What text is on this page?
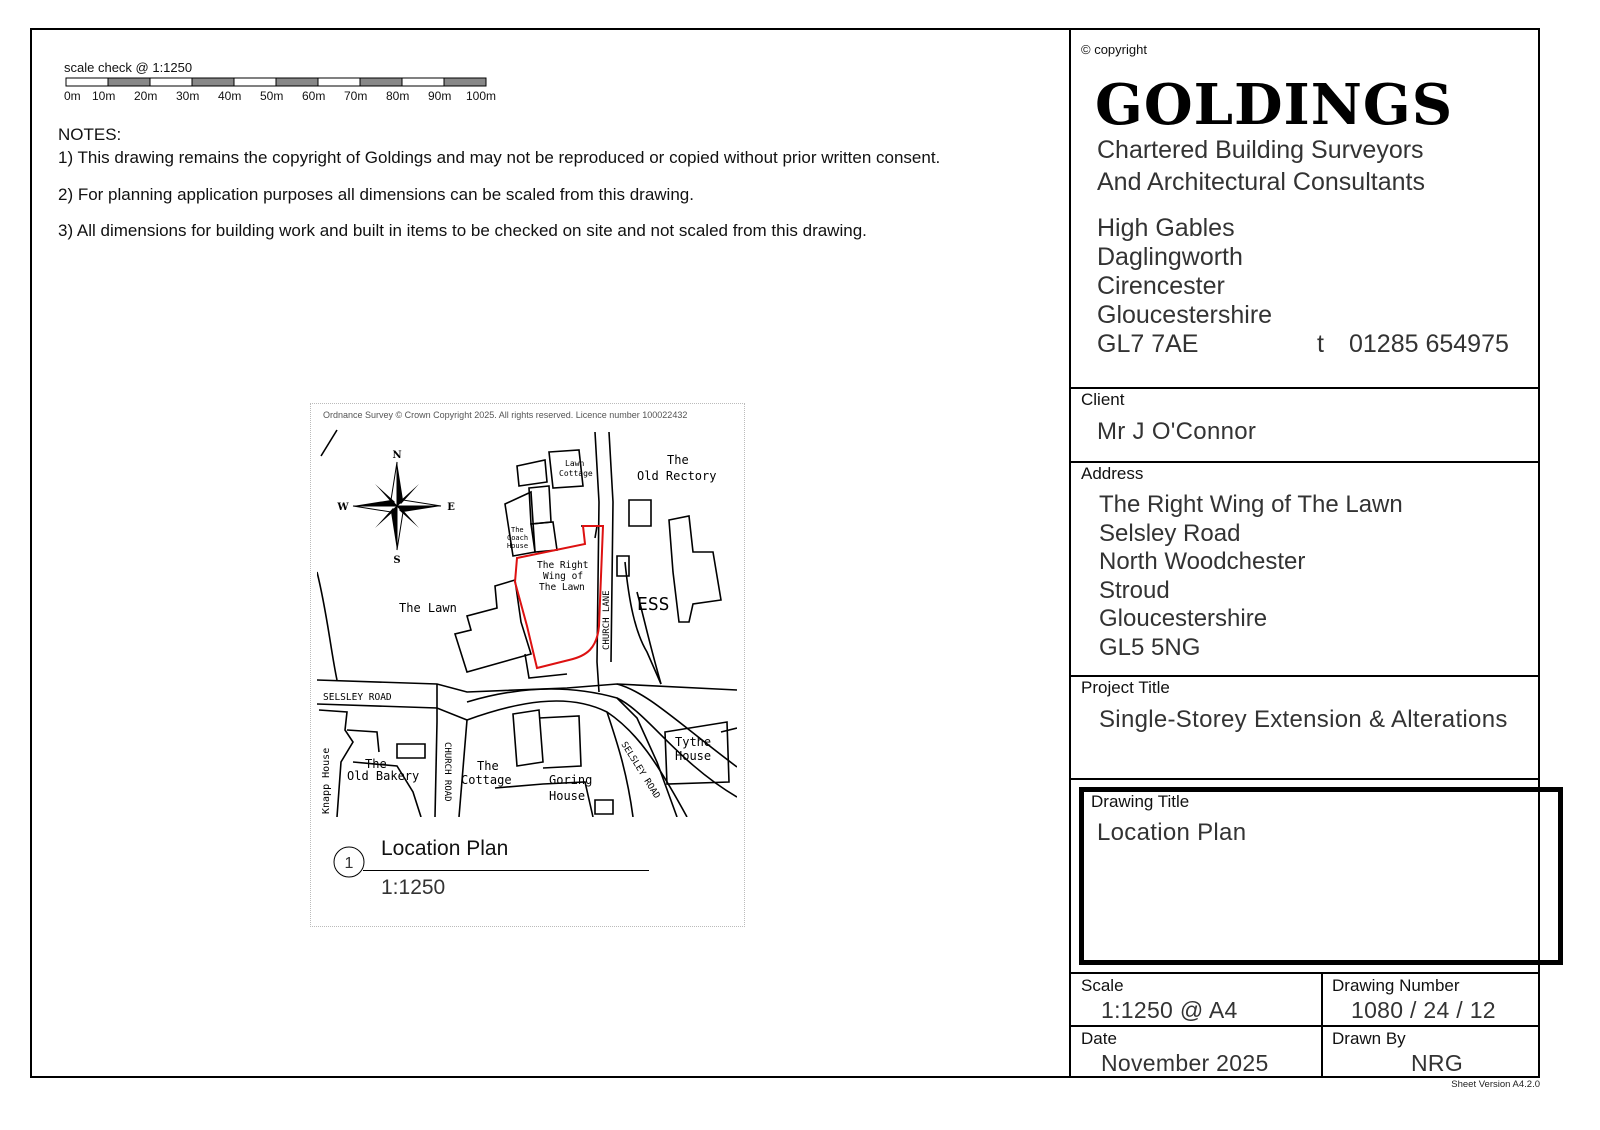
scale check @ 1:1250
0m 10m 20m 30m 40m 50m 60m 70m 80m 90m 100m
NOTES:

1) This drawing remains the copyright of Goldings and may not be reproduced or copied without prior written consent.

2) For planning application purposes all dimensions can be scaled from this drawing.

3) All dimensions for building work and built in items to be checked on site and not scaled from this drawing.

Ordnance Survey © Crown Copyright 2025. All rights reserved. Licence number 100022432
N
S
E
W
Lawn
Cottage
The
Old Rectory
The
Coach
House
The Right
Wing of
The Lawn
The Lawn	CHURCH LANE ESS
SELSLEY ROAD
CHURCH ROAD	SELSLEY ROAD Tythe
House
The
Old Bakery
Knapp House	The
Cottage	Goring
House
1
Location Plan
1:1250
© copyright
GOLDINGS
Chartered Building Surveyors
And Architectural Consultants
High Gables
Daglingworth
Cirencester
Gloucestershire
GL7 7AE	t 01285 654975
Client
Mr J O'Connor
Address
The Right Wing of The Lawn
Selsley Road
North Woodchester
Stroud
Gloucestershire
GL5 5NG
Project Title
Single-Storey Extension & Alterations
Drawing Title
Location Plan
Scale
1:1250 @ A4
Drawing Number
1080 / 24 / 12
Date
November 2025
Drawn By
NRG
Sheet Version A4.2.0
